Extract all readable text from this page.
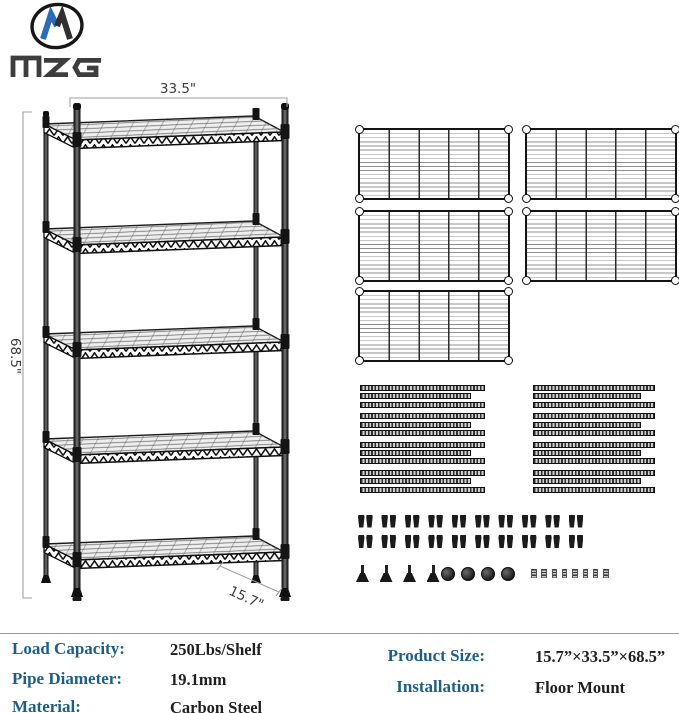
33.5"
68.5"
15.7"
Load Capacity:	250Lbs/Shelf
Pipe Diameter:	19.1mm
Material:	Carbon Steel
Product Size:	15.7”×33.5”×68.5”
Installation:	Floor Mount
